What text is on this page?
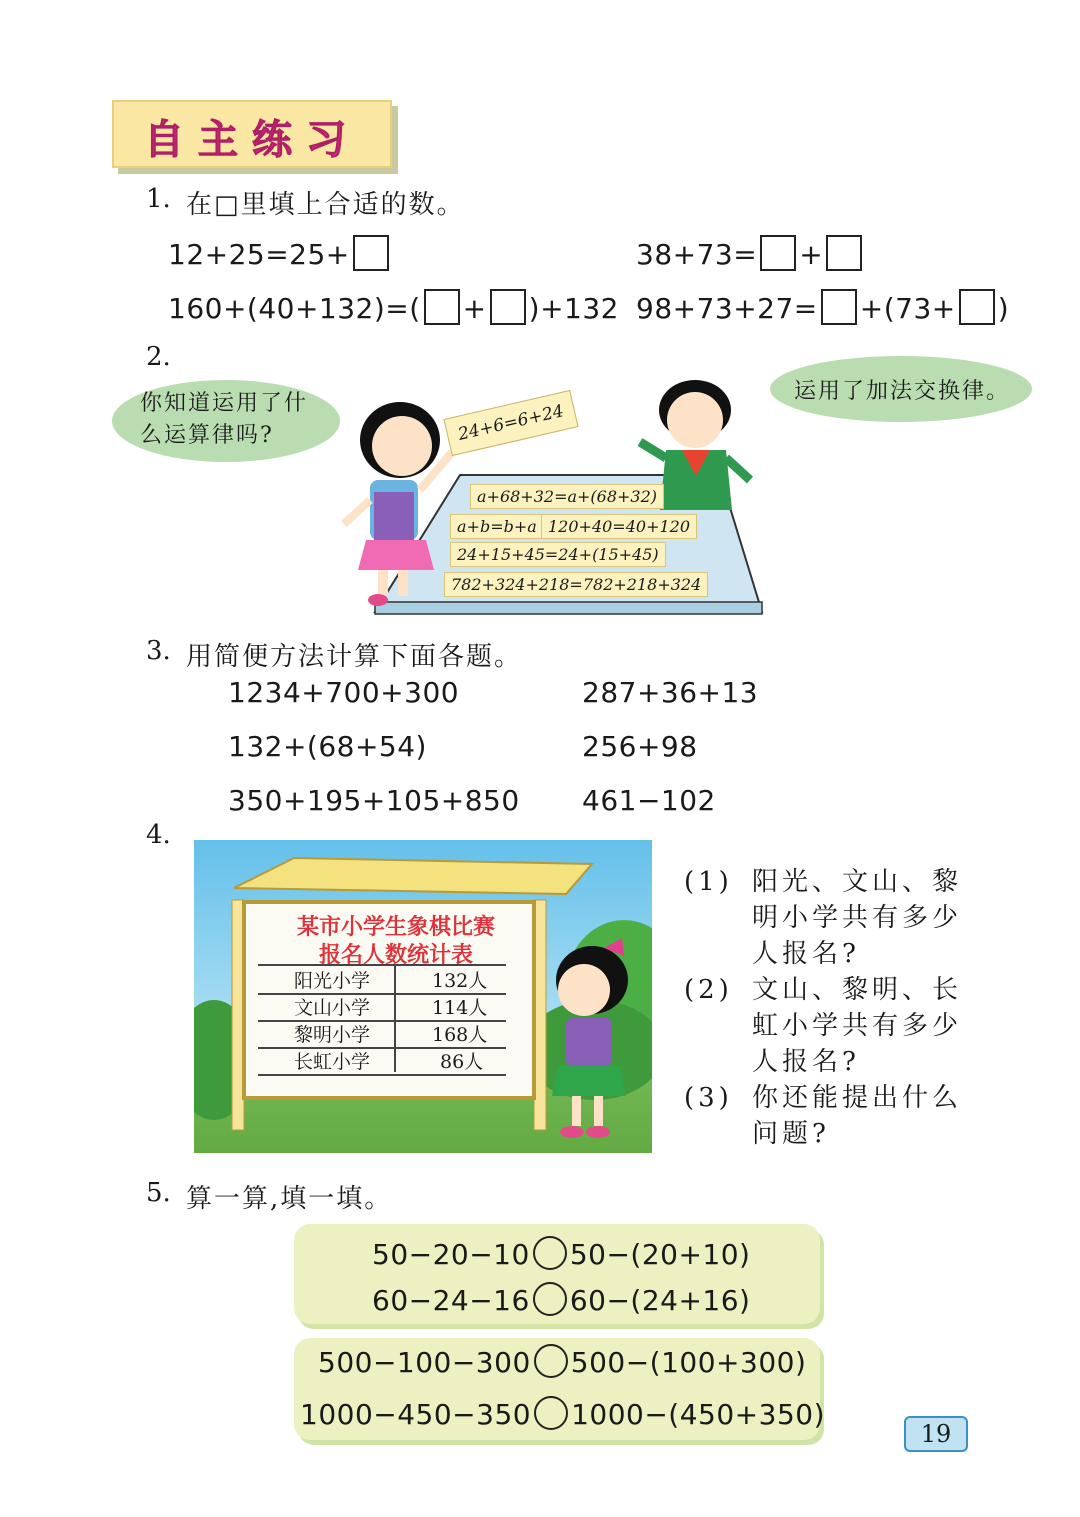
自主练习
1. 在□里填上合适的数。
12+25=25+	38+73= +
160+(40+132)=( + )+132 98+73+27= +(73+ )
2.
你知道运用了什么运算律吗?
运用了加法交换律。
24+6=6+24
a+68+32=a+(68+32)
a+b=b+a 120+40=40+120
24+15+45=24+(15+45)
782+324+218=782+218+324
3. 用简便方法计算下面各题。
1234+700+300	287+36+13
132+(68+54)	256+98
350+195+105+850 461−102
4.
某市小学生象棋比赛
报名人数统计表
阳光小学	132人
文山小学	114人
黎明小学	168人
长虹小学	86人
(1) 阳光、文山、黎
明小学共有多少
人报名?
(2) 文山、黎明、长
虹小学共有多少
人报名?
(3) 你还能提出什么
问题?
5. 算一算,填一填。
50−20−10 50−(20+10)
60−24−16 60−(24+16)
500−100−300 500−(100+300)
1000−450−350 1000−(450+350)
19
